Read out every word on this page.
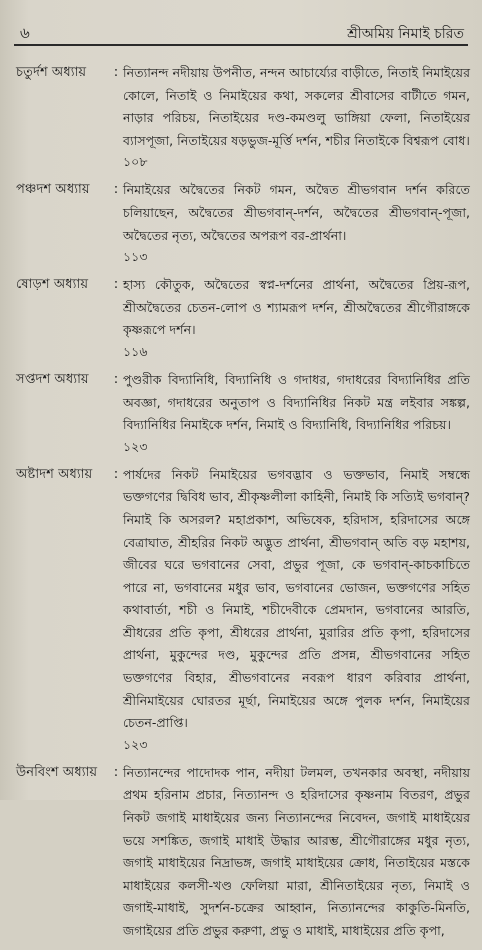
৬	শ্রীঅমিয় নিমাই চরিত
চতুর্দশ অধ্যায়	: নিত্যানন্দ নদীয়ায় উপনীত, নন্দন আচার্য্যের বাড়ীতে, নিতাই নিমাইয়ের কোলে, নিতাই ও নিমাইয়ের কথা, সকলের শ্রীবাসের বাটীতে গমন, নাড়ার পরিচয়, নিতাইয়ের দণ্ড-কমণ্ডলু ভাঙ্গিয়া ফেলা, নিতাইয়ের ব্যাসপূজা, নিতাইয়ের ষড়ভুজ-মূর্ত্তি দর্শন, শচীর নিতাইকে বিশ্বরূপ বোধ।
১০৮
পঞ্চদশ অধ্যায়	: নিমাইয়ের অদ্বৈতের নিকট গমন, অদ্বৈত শ্রীভগবান দর্শন করিতে চলিয়াছেন, অদ্বৈতের শ্রীভগবান্-দর্শন, অদ্বৈতের শ্রীভগবান্-পূজা, অদ্বৈতের নৃত্য, অদ্বৈতের অপরূপ বর-প্রার্থনা।
১১৩
ষোড়শ অধ্যায়	: হাস্য কৌতুক, অদ্বৈতের স্বপ্ন-দর্শনের প্রার্থনা, অদ্বৈতের প্রিয়-রূপ, শ্রীঅদ্বৈতের চেতন-লোপ ও শ্যামরূপ দর্শন, শ্রীঅদ্বৈতের শ্রীগৌরাঙ্গকে কৃষ্ণরূপে দর্শন।
১১৬
সপ্তদশ অধ্যায়	: পুণ্ডরীক বিদ্যানিধি, বিদ্যানিধি ও গদাধর, গদাধরের বিদ্যানিধির প্রতি অবজ্ঞা, গদাধরের অনুতাপ ও বিদ্যানিধির নিকট মন্ত্র লইবার সঙ্কল্প, বিদ্যানিধির নিমাইকে দর্শন, নিমাই ও বিদ্যানিধি, বিদ্যানিধির পরিচয়।
১২৩
অষ্টাদশ অধ্যায়	: পার্ষদের নিকট নিমাইয়ের ভগবদ্ভাব ও ভক্তভাব, নিমাই সম্বন্ধে ভক্তগণের দ্বিবিধ ভাব, শ্রীকৃষ্ণলীলা কাহিনী, নিমাই কি সত্যিই ভগবান্? নিমাই কি অসরল? মহাপ্রকাশ, অভিষেক, হরিদাস, হরিদাসের অঙ্গে বেত্রাঘাত, শ্রীহরির নিকট অদ্ভুত প্রার্থনা, শ্রীভগবান্ অতি বড় মহাশয়, জীবের ঘরে ভগবানের সেবা, প্রভুর পূজা, কে ভগবান্-কাচকাচিতে পারে না, ভগবানের মধুর ভাব, ভগবানের ভোজন, ভক্তগণের সহিত কথাবার্তা, শচী ও নিমাই, শচীদেবীকে প্রেমদান, ভগবানের আরতি, শ্রীধরের প্রতি কৃপা, শ্রীধরের প্রার্থনা, মুরারির প্রতি কৃপা, হরিদাসের প্রার্থনা, মুকুন্দের দণ্ড, মুকুন্দের প্রতি প্রসন্ন, শ্রীভগবানের সহিত ভক্তগণের বিহার, শ্রীভগবানের নবরূপ ধারণ করিবার প্রার্থনা, শ্রীনিমাইয়ের ঘোরতর মূর্ছা, নিমাইয়ের অঙ্গে পুলক দর্শন, নিমাইয়ের চেতন-প্রাপ্তি।
১২৩
উনবিংশ অধ্যায়	: নিত্যানন্দের পাদোদক পান, নদীয়া টলমল, তখনকার অবস্থা, নদীয়ায় প্রথম হরিনাম প্রচার, নিত্যানন্দ ও হরিদাসের কৃষ্ণনাম বিতরণ, প্রভুর নিকট জগাই মাধাইয়ের জন্য নিত্যানন্দের নিবেদন, জগাই মাধাইয়ের ভয়ে সশঙ্কিত, জগাই মাধাই উদ্ধার আরম্ভ, শ্রীগৌরাঙ্গের মধুর নৃত্য, জগাই মাধাইয়ের নিদ্রাভঙ্গ, জগাই মাধাইয়ের ক্রোধ, নিতাইয়ের মস্তকে মাধাইয়ের কলসী-খণ্ড ফেলিয়া মারা, শ্রীনিতাইয়ের নৃত্য, নিমাই ও জগাই-মাধাই, সুদর্শন-চক্রের আহ্বান, নিত্যানন্দের কাকুতি-মিনতি, জগাইয়ের প্রতি প্রভুর করুণা, প্রভু ও মাধাই, মাধাইয়ের প্রতি কৃপা,
